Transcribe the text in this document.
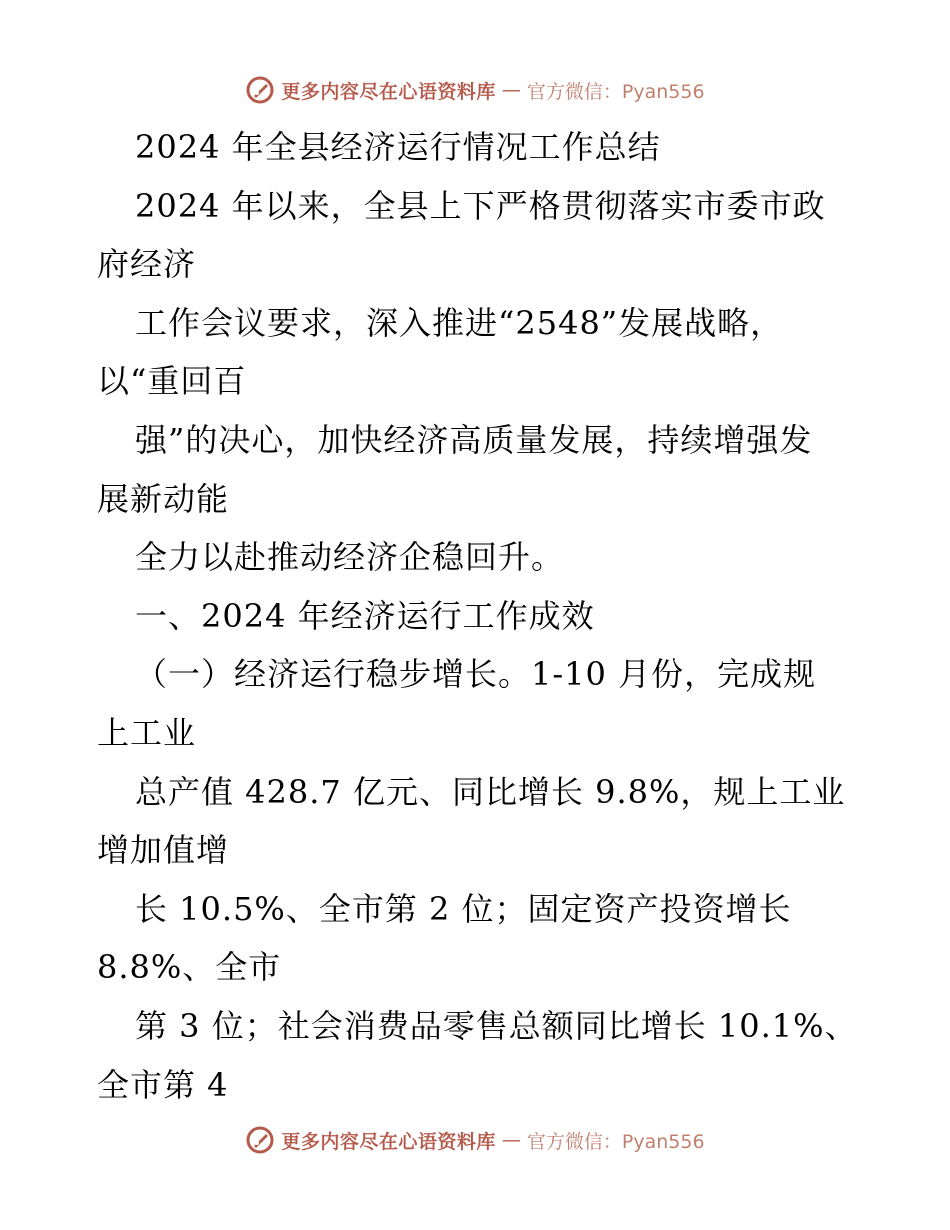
更多内容尽在心语资料库 — 官方微信：Pyan556
2024 年全县经济运行情况工作总结
2024 年以来，全县上下严格贯彻落实市委市政
府经济
工作会议要求，深入推进“2548”发展战略，
以“重回百
强”的决心，加快经济高质量发展，持续增强发
展新动能
全力以赴推动经济企稳回升。
一、2024 年经济运行工作成效
（一）经济运行稳步增长。1-10 月份，完成规
上工业
总产值 428.7 亿元、同比增长 9.8%，规上工业
增加值增
长 10.5%、全市第 2 位；固定资产投资增长
8.8%、全市
第 3 位；社会消费品零售总额同比增长 10.1%、
全市第 4
更多内容尽在心语资料库 — 官方微信：Pyan556
